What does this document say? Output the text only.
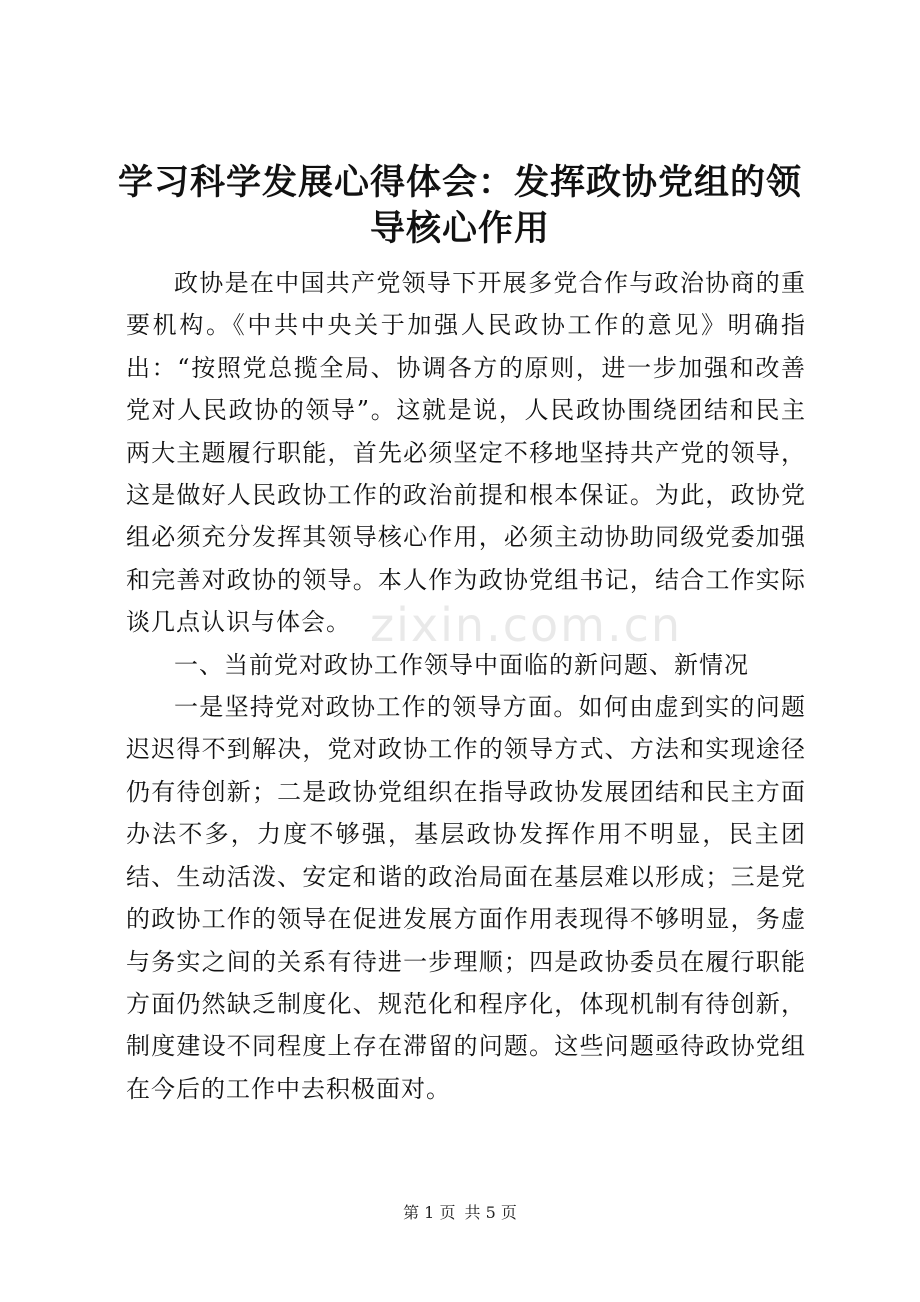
学习科学发展心得体会：发挥政协党组的领导核心作用

政协是在中国共产党领导下开展多党合作与政治协商的重要机构。《中共中央关于加强人民政协工作的意见》明确指出：“按照党总揽全局、协调各方的原则，进一步加强和改善党对人民政协的领导”。这就是说，人民政协围绕团结和民主两大主题履行职能，首先必须坚定不移地坚持共产党的领导，这是做好人民政协工作的政治前提和根本保证。为此，政协党组必须充分发挥其领导核心作用，必须主动协助同级党委加强和完善对政协的领导。本人作为政协党组书记，结合工作实际谈几点认识与体会。

一、当前党对政协工作领导中面临的新问题、新情况

一是坚持党对政协工作的领导方面。如何由虚到实的问题迟迟得不到解决，党对政协工作的领导方式、方法和实现途径仍有待创新；二是政协党组织在指导政协发展团结和民主方面办法不多，力度不够强，基层政协发挥作用不明显，民主团结、生动活泼、安定和谐的政治局面在基层难以形成；三是党的政协工作的领导在促进发展方面作用表现得不够明显，务虚与务实之间的关系有待进一步理顺；四是政协委员在履行职能方面仍然缺乏制度化、规范化和程序化，体现机制有待创新，制度建设不同程度上存在滞留的问题。这些问题亟待政协党组在今后的工作中去积极面对。

zixin.com.cn
第 1 页 共 5 页
